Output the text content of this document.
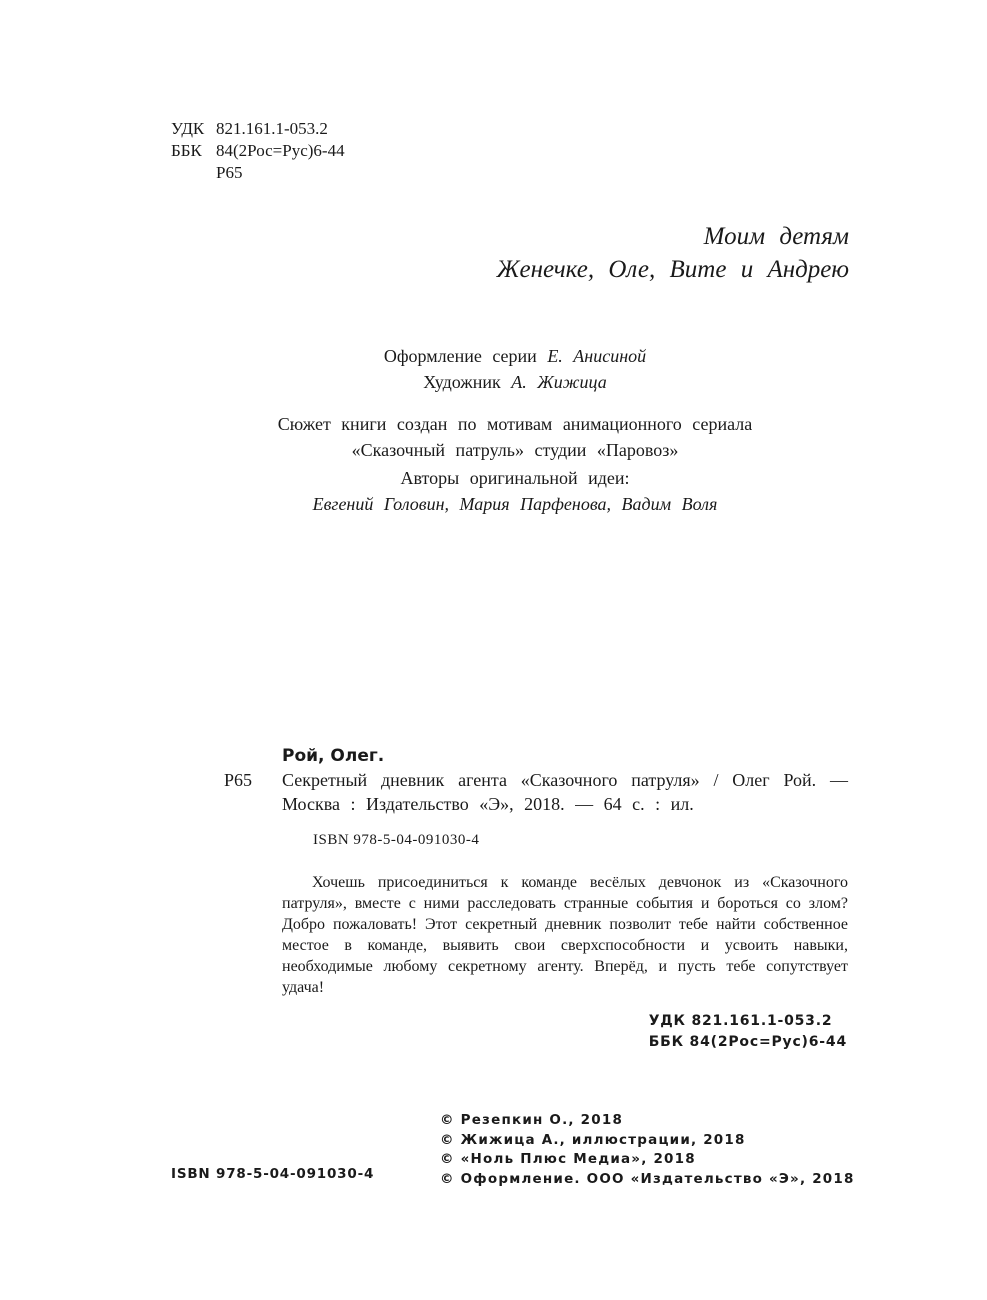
УДК 821.161.1-053.2
ББК 84(2Рос=Рус)6-44
Р65
Моим детям
Женечке, Оле, Вите и Андрею
Оформление серии Е. Анисиной
Художник А. Жижица
Сюжет книги создан по мотивам анимационного сериала
«Сказочный патруль» студии «Паровоз»
Авторы оригинальной идеи:
Евгений Головин, Мария Парфенова, Вадим Воля
Рой, Олег.
Р65 Секретный дневник агента «Сказочного патруля» / Олег Рой. — Москва : Издательство «Э», 2018. — 64 с. : ил.
ISBN 978-5-04-091030-4
Хочешь присоединиться к команде весёлых девчонок из «Сказочного патруля», вместе с ними расследовать странные события и бороться со злом? Добро пожаловать! Этот секретный дневник позволит тебе найти собственное местое в команде, выявить свои сверхспособности и усвоить навыки, необходимые любому секретному агенту. Вперёд, и пусть тебе сопутствует удача!
УДК 821.161.1-053.2
ББК 84(2Рос=Рус)6-44
© Резепкин О., 2018
© Жижица А., иллюстрации, 2018
© «Ноль Плюс Медиа», 2018
© Оформление. ООО «Издательство «Э», 2018
ISBN 978-5-04-091030-4
